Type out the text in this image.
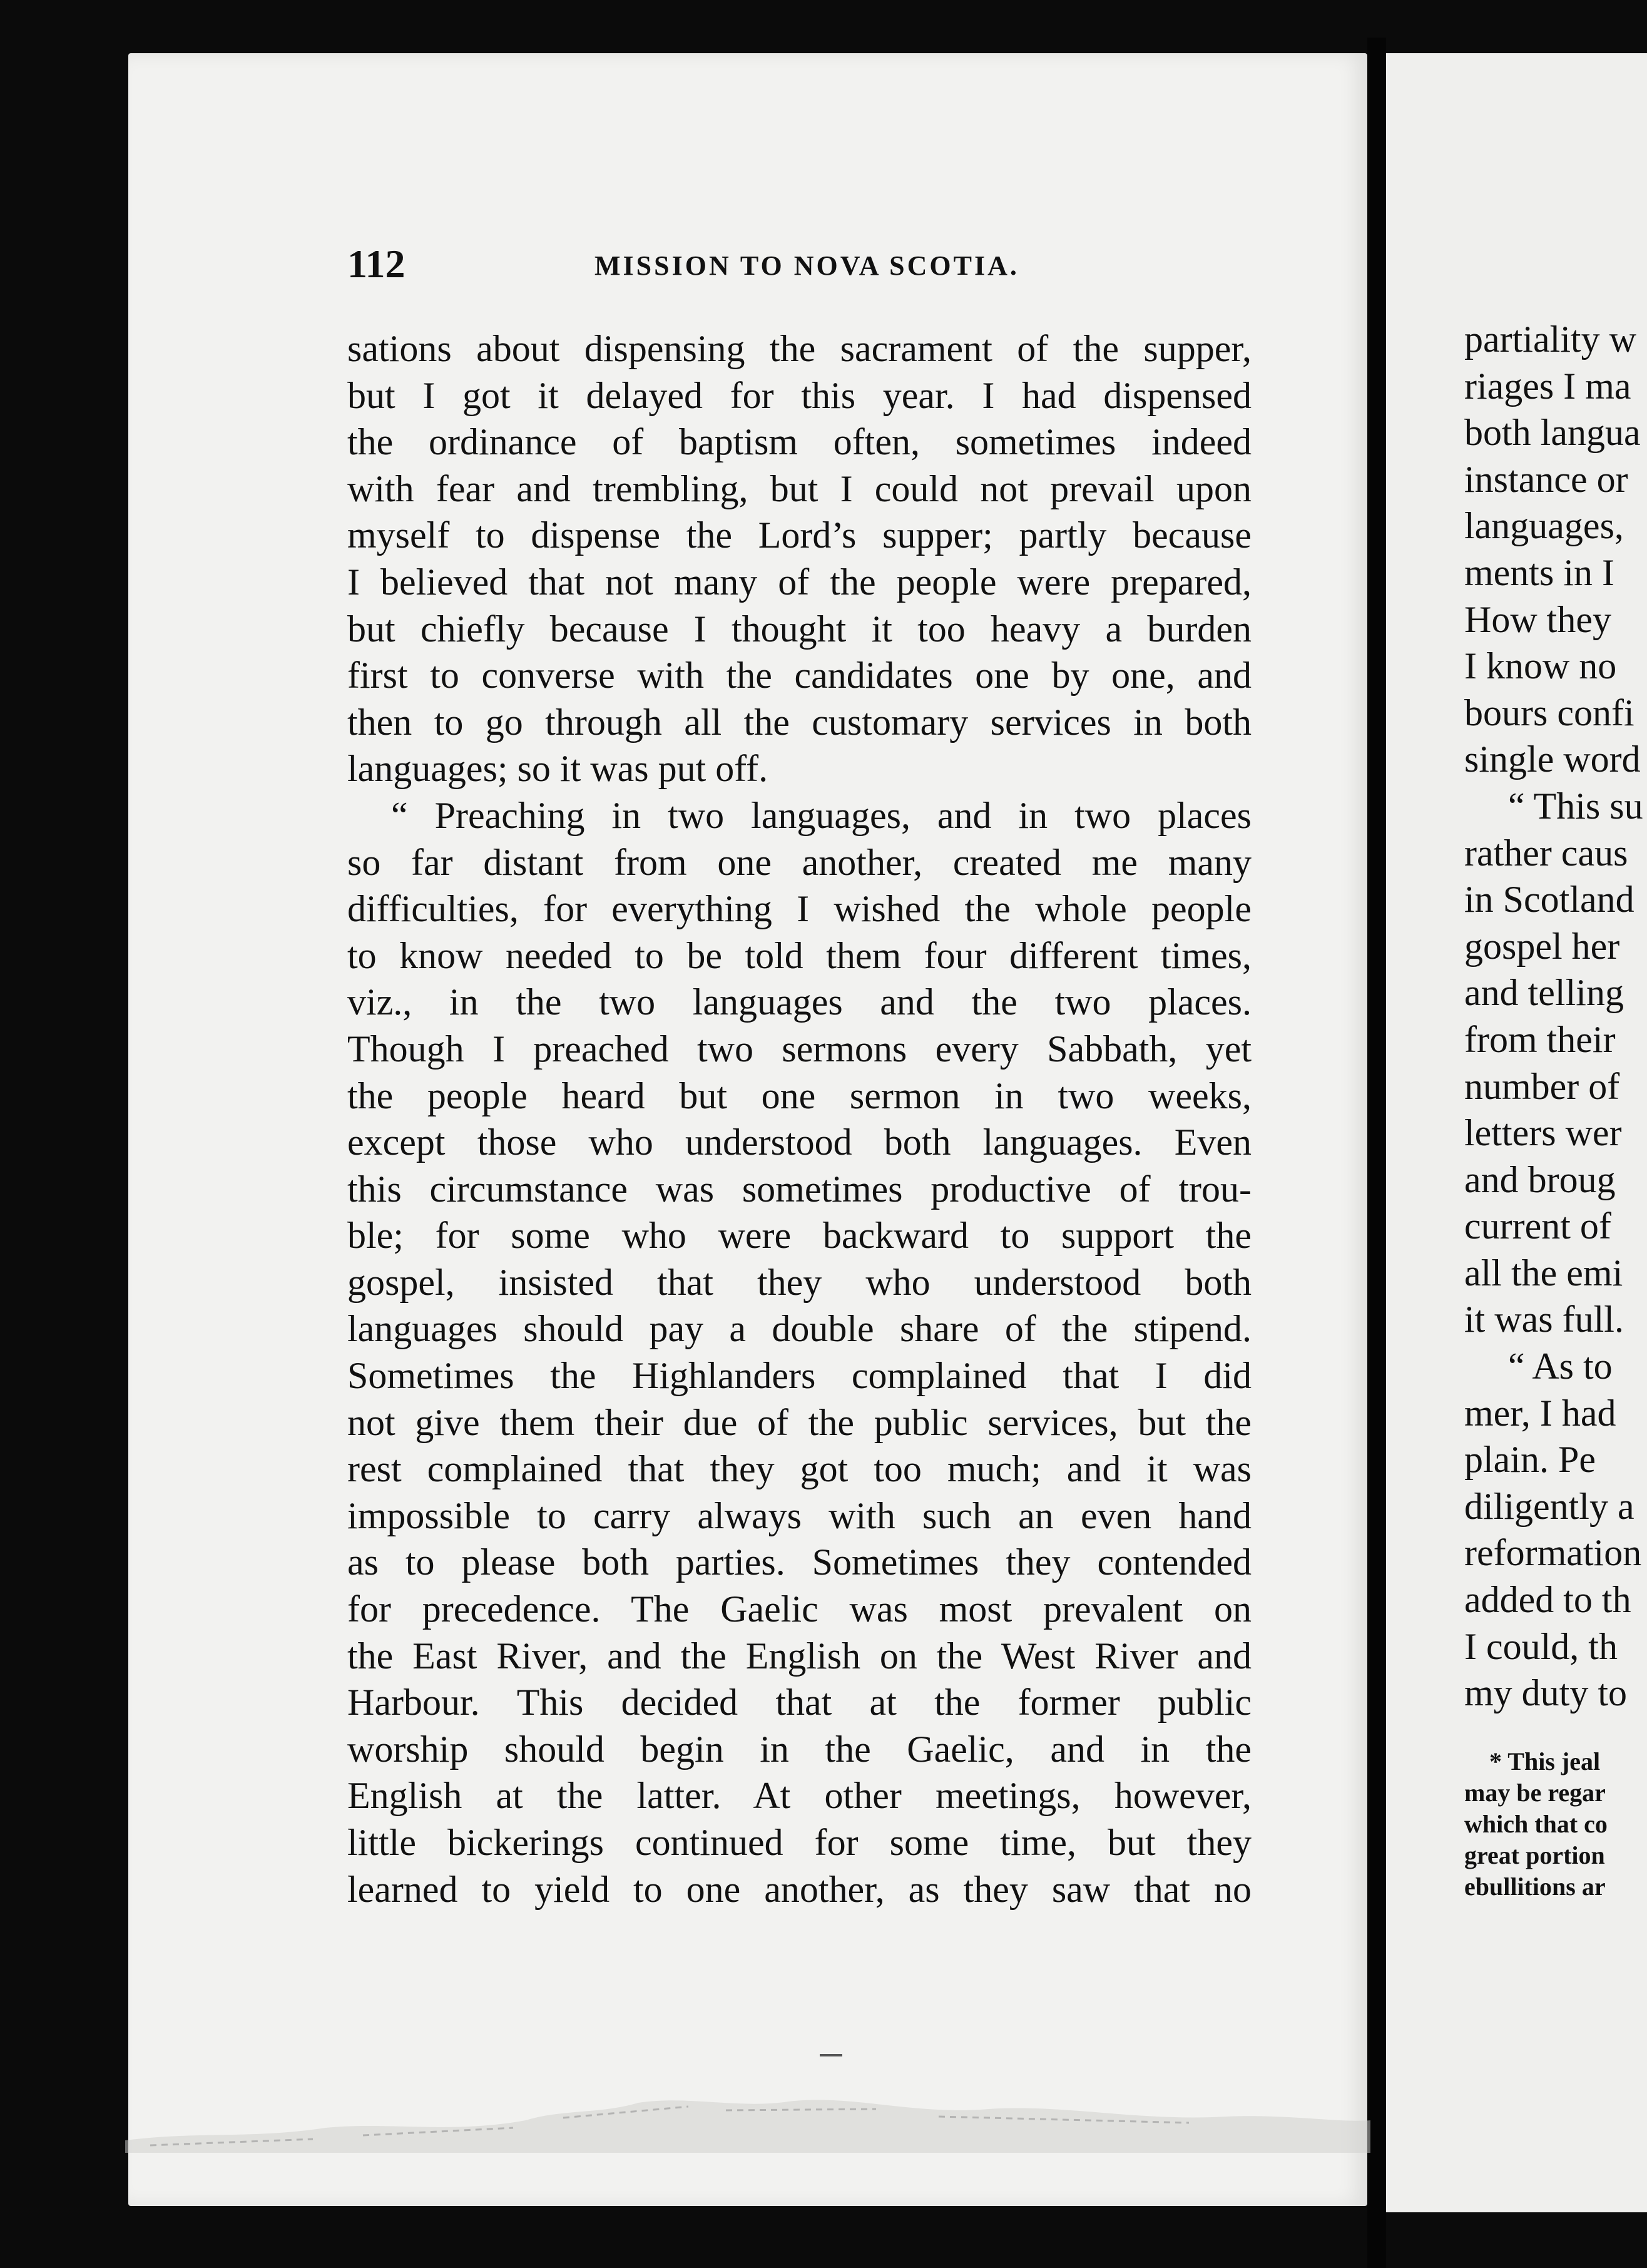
112	MISSION TO NOVA SCOTIA.
sations about dispensing the sacrament of the supper,
but I got it delayed for this year. I had dispensed
the ordinance of baptism often, sometimes indeed
with fear and trembling, but I could not prevail upon
myself to dispense the Lord’s supper; partly because
I believed that not many of the people were prepared,
but chiefly because I thought it too heavy a burden
first to converse with the candidates one by one, and
then to go through all the customary services in both
languages; so it was put off.
“ Preaching in two languages, and in two places
so far distant from one another, created me many
difficulties, for everything I wished the whole people
to know needed to be told them four different times,
viz., in the two languages and the two places.
Though I preached two sermons every Sabbath, yet
the people heard but one sermon in two weeks,
except those who understood both languages. Even
this circumstance was sometimes productive of trou-
ble; for some who were backward to support the
gospel, insisted that they who understood both
languages should pay a double share of the stipend.
Sometimes the Highlanders complained that I did
not give them their due of the public services, but the
rest complained that they got too much; and it was
impossible to carry always with such an even hand
as to please both parties. Sometimes they contended
for precedence. The Gaelic was most prevalent on
the East River, and the English on the West River and
Harbour. This decided that at the former public
worship should begin in the Gaelic, and in the
English at the latter. At other meetings, however,
little bickerings continued for some time, but they
learned to yield to one another, as they saw that no
partiality w
riages I ma
both langua
instance or
languages,
ments in I
How they
I know no
bours confi
single word
“ This su
rather caus
in Scotland
gospel her
and telling
from their
number of
letters wer
and broug
current of
all the emi
it was full.
“ As to
mer, I had
plain. Pe
diligently a
reformation
added to th
I could, th
my duty to
* This jeal
may be regar
which that co
great portion
ebullitions ar
